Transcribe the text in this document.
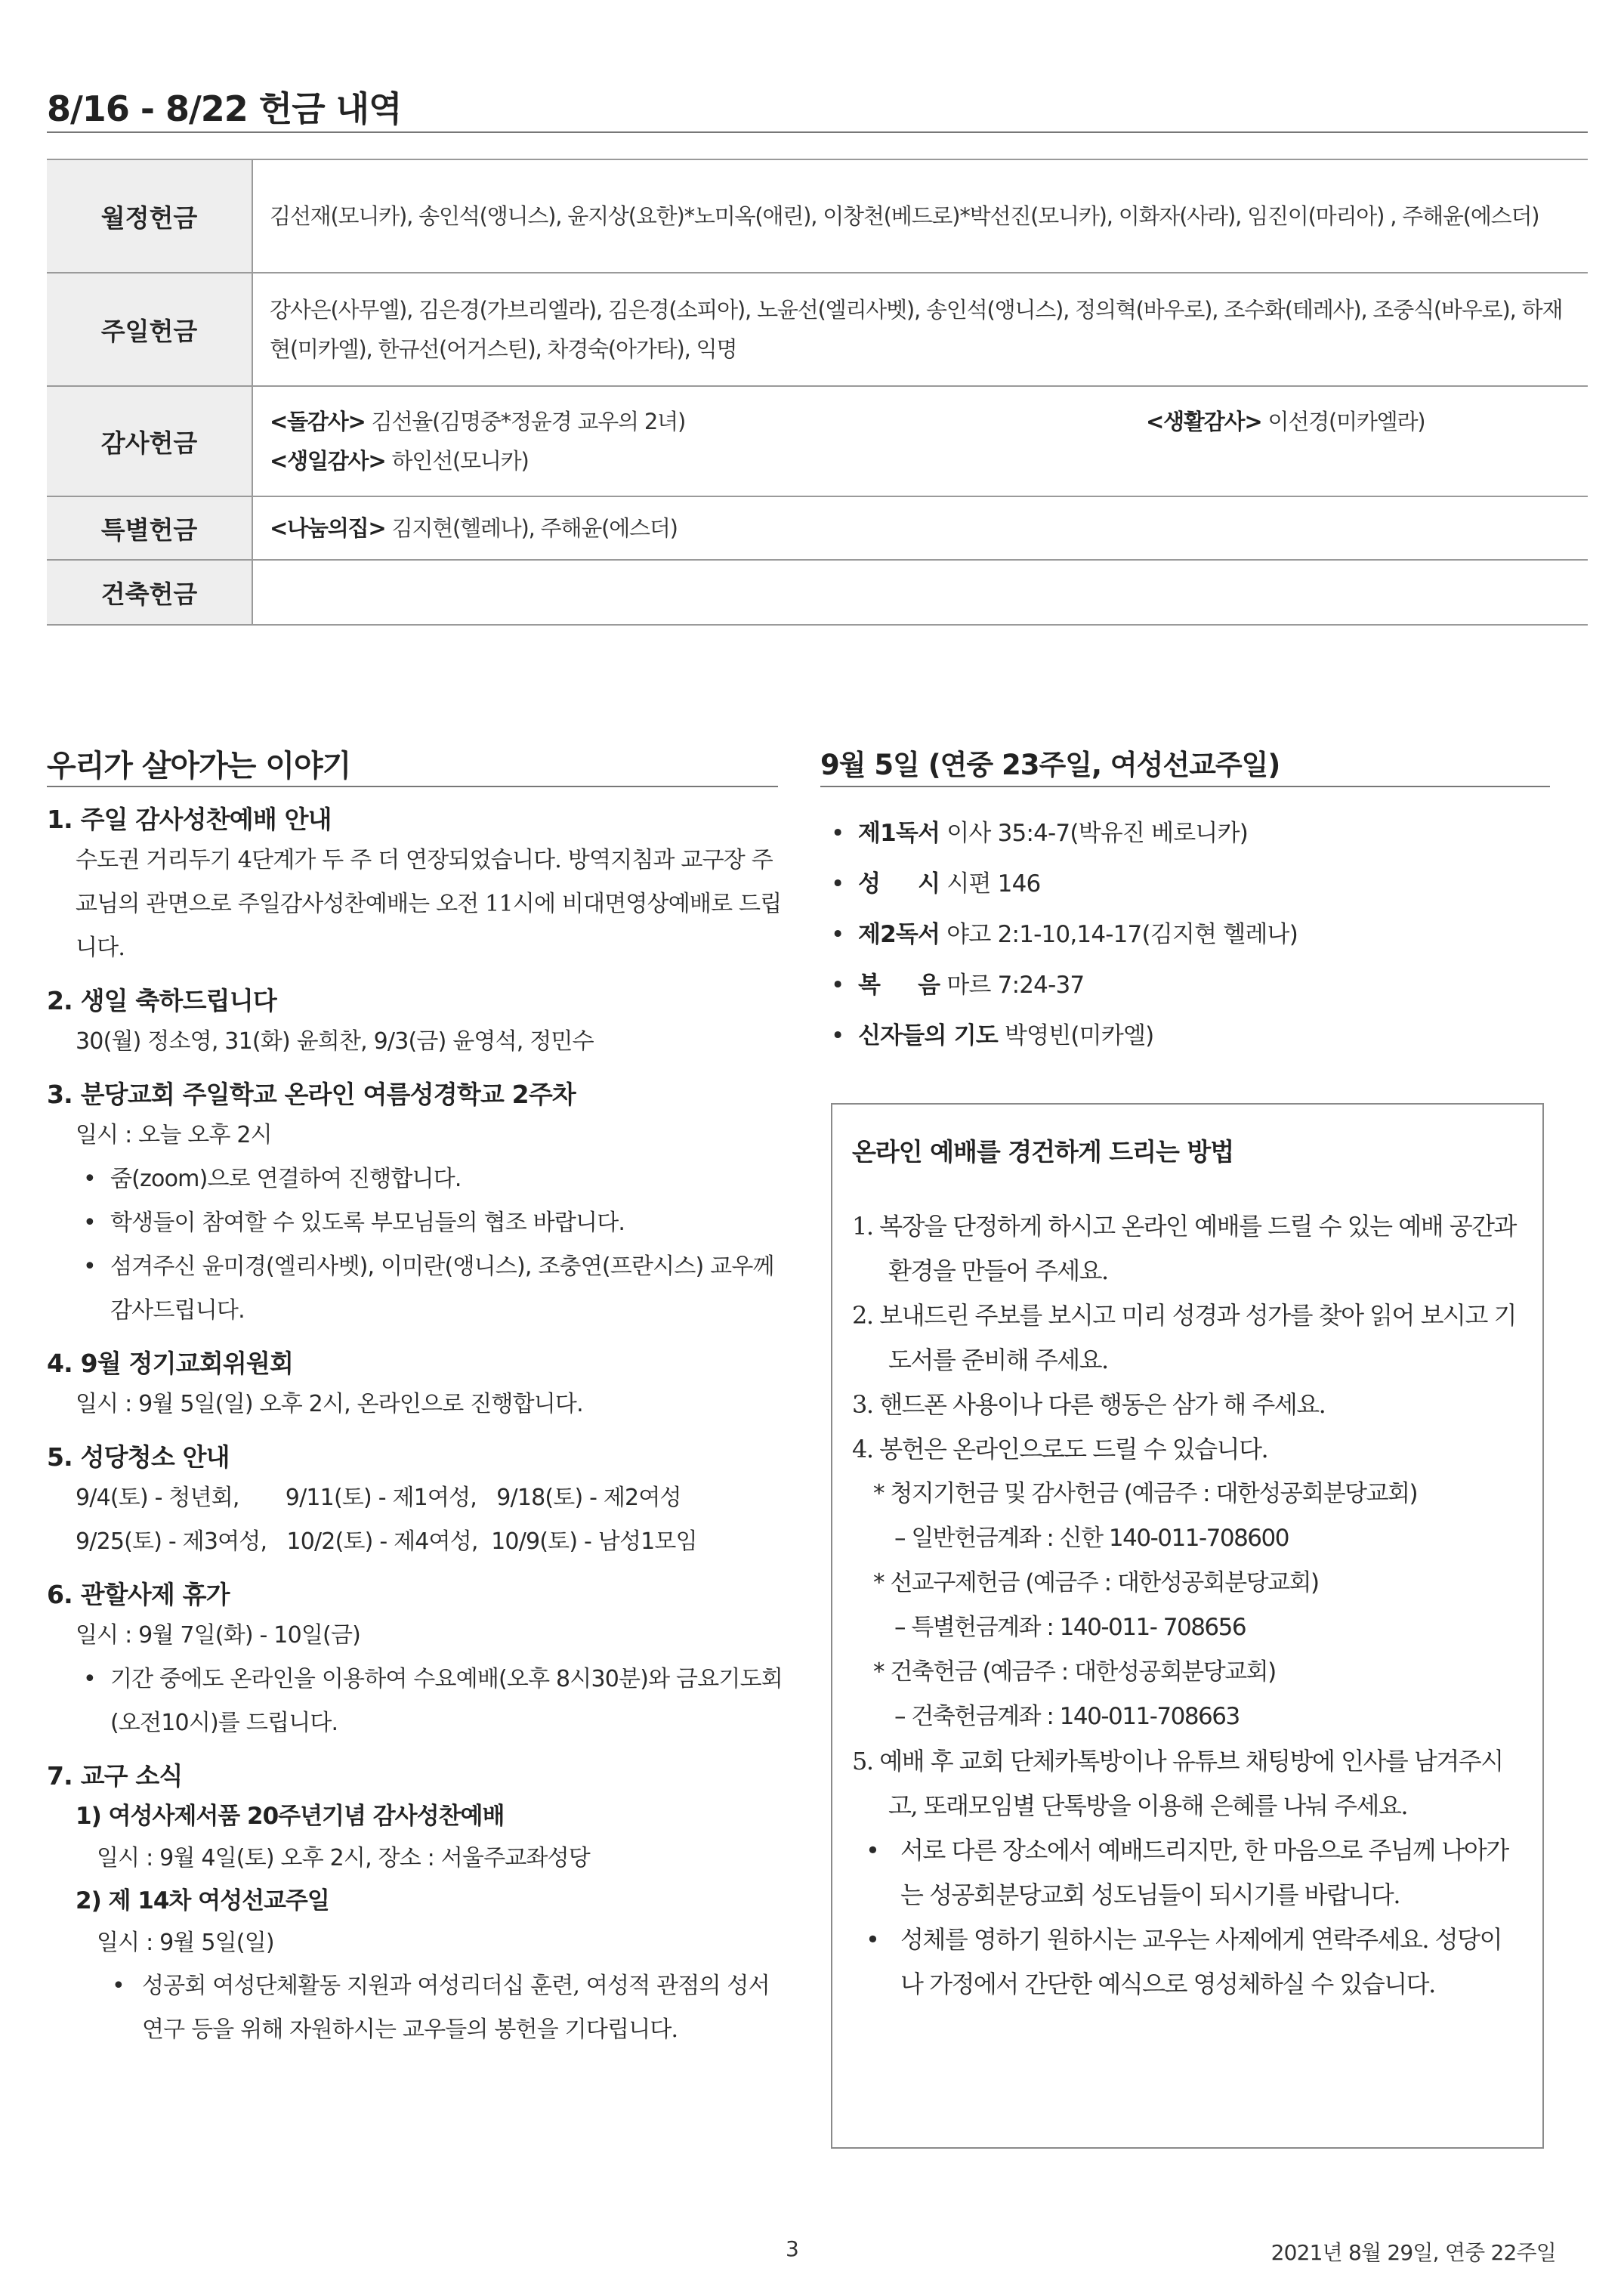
8/16 - 8/22 헌금 내역
월정헌금	김선재(모니카), 송인석(앵니스), 윤지상(요한)*노미옥(애린), 이창천(베드로)*박선진(모니카), 이화자(사라), 임진이(마리아) , 주해윤(에스더)
주일헌금	강사은(사무엘), 김은경(가브리엘라), 김은경(소피아), 노윤선(엘리사벳), 송인석(앵니스), 정의혁(바우로), 조수화(테레사), 조중식(바우로), 하재현(미카엘), 한규선(어거스틴), 차경숙(아가타), 익명
감사헌금	<돌감사> 김선율(김명중*정윤경 교우의 2녀) <생활감사> 이선경(미카엘라)
<생일감사> 하인선(모니카)

특별헌금	<나눔의집> 김지현(헬레나), 주해윤(에스더)
건축헌금	
우리가 살아가는 이야기	9월 5일 (연중 23주일, 여성선교주일)
1. 주일 감사성찬예배 안내
수도권 거리두기 4단계가 두 주 더 연장되었습니다. 방역지침과 교구장 주교님의 관면으로 주일감사성찬예배는 오전 11시에 비대면영상예배로 드립니다.
2. 생일 축하드립니다
30(월) 정소영, 31(화) 윤희찬, 9/3(금) 윤영석, 정민수
3. 분당교회 주일학교 온라인 여름성경학교 2주차
일시 : 오늘 오후 2시
• 줌(zoom)으로 연결하여 진행합니다.
• 학생들이 참여할 수 있도록 부모님들의 협조 바랍니다.
• 섬겨주신 윤미경(엘리사벳), 이미란(앵니스), 조충연(프란시스) 교우께 감사드립니다.
4. 9월 정기교회위원회
일시 : 9월 5일(일) 오후 2시, 온라인으로 진행합니다.
5. 성당청소 안내
9/4(토) - 청년회,       9/11(토) - 제1여성,   9/18(토) - 제2여성
9/25(토) - 제3여성,   10/2(토) - 제4여성,  10/9(토) - 남성1모임
6. 관할사제 휴가
일시 : 9월 7일(화) - 10일(금)
• 기간 중에도 온라인을 이용하여 수요예배(오후 8시30분)와 금요기도회(오전10시)를 드립니다.
7. 교구 소식
1) 여성사제서품 20주년기념 감사성찬예배
일시 : 9월 4일(토) 오후 2시, 장소 : 서울주교좌성당
2) 제 14차 여성선교주일
일시 : 9월 5일(일)
• 성공회 여성단체활동 지원과 여성리더십 훈련, 여성적 관점의 성서연구 등을 위해 자원하시는 교우들의 봉헌을 기다립니다.
• 제1독서 이사 35:4-7(박유진 베로니카)
• 성     시 시편 146
• 제2독서 야고 2:1-10,14-17(김지현 헬레나)
• 복     음 마르 7:24-37
• 신자들의 기도 박영빈(미카엘)
온라인 예배를 경건하게 드리는 방법
1. 복장을 단정하게 하시고 온라인 예배를 드릴 수 있는 예배 공간과 환경을 만들어 주세요.
2. 보내드린 주보를 보시고 미리 성경과 성가를 찾아 읽어 보시고 기도서를 준비해 주세요.
3. 핸드폰 사용이나 다른 행동은 삼가 해 주세요.
4. 봉헌은 온라인으로도 드릴 수 있습니다.
* 청지기헌금 및 감사헌금 (예금주 : 대한성공회분당교회)
– 일반헌금계좌 : 신한 140-011-708600
* 선교구제헌금 (예금주 : 대한성공회분당교회)
– 특별헌금계좌 : 140-011- 708656
* 건축헌금 (예금주 : 대한성공회분당교회)
– 건축헌금계좌 : 140-011-708663
5. 예배 후 교회 단체카톡방이나 유튜브 채팅방에 인사를 남겨주시고, 또래모임별 단톡방을 이용해 은혜를 나눠 주세요.
• 서로 다른 장소에서 예배드리지만, 한 마음으로 주님께 나아가는 성공회분당교회 성도님들이 되시기를 바랍니다.
• 성체를 영하기 원하시는 교우는 사제에게 연락주세요. 성당이나 가정에서 간단한 예식으로 영성체하실 수 있습니다.
3	2021년 8월 29일, 연중 22주일
